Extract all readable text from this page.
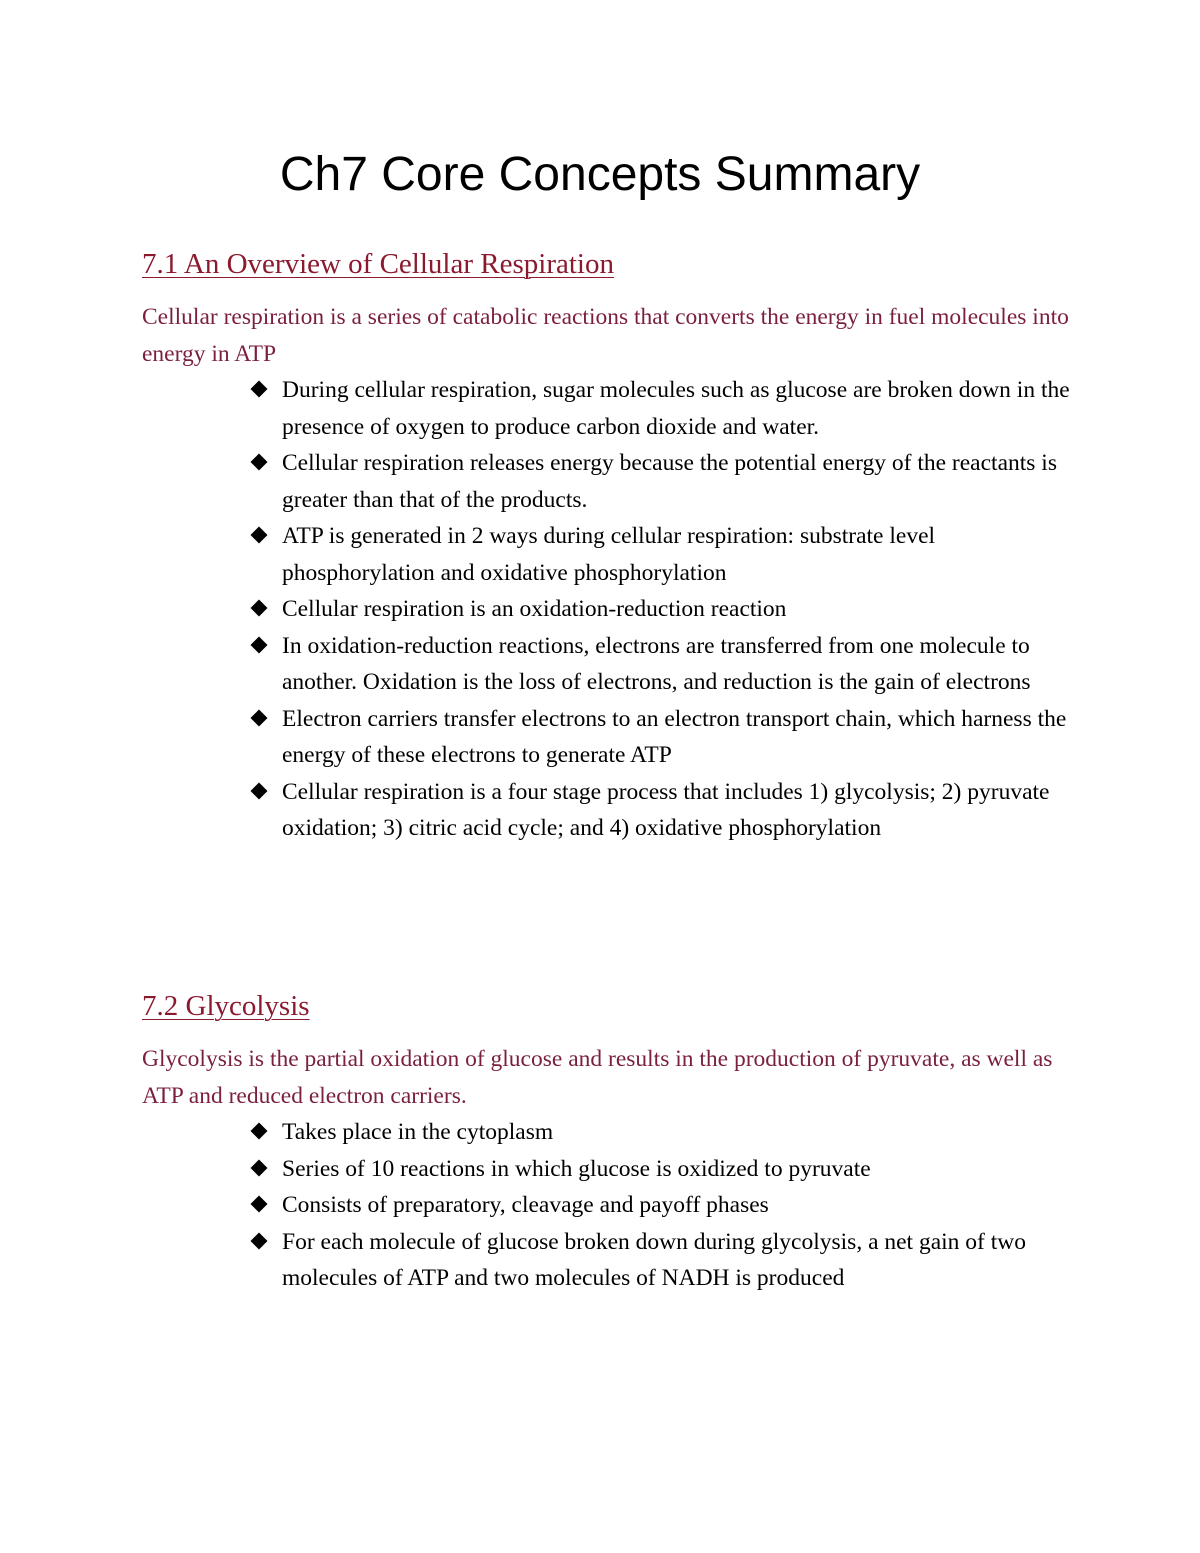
Ch7 Core Concepts Summary
7.1 An Overview of Cellular Respiration

Cellular respiration is a series of catabolic reactions that converts the energy in fuel molecules into energy in ATP

During cellular respiration, sugar molecules such as glucose are broken down in the presence of oxygen to produce carbon dioxide and water.
Cellular respiration releases energy because the potential energy of the reactants is greater than that of the products.
ATP is generated in 2 ways during cellular respiration: substrate level phosphorylation and oxidative phosphorylation
Cellular respiration is an oxidation-reduction reaction
In oxidation-reduction reactions, electrons are transferred from one molecule to another. Oxidation is the loss of electrons, and reduction is the gain of electrons
Electron carriers transfer electrons to an electron transport chain, which harness the energy of these electrons to generate ATP
Cellular respiration is a four stage process that includes 1) glycolysis; 2) pyruvate oxidation; 3) citric acid cycle; and 4) oxidative phosphorylation
7.2 Glycolysis

Glycolysis is the partial oxidation of glucose and results in the production of pyruvate, as well as ATP and reduced electron carriers.

Takes place in the cytoplasm
Series of 10 reactions in which glucose is oxidized to pyruvate
Consists of preparatory, cleavage and payoff phases
For each molecule of glucose broken down during glycolysis, a net gain of two molecules of ATP and two molecules of NADH is produced
